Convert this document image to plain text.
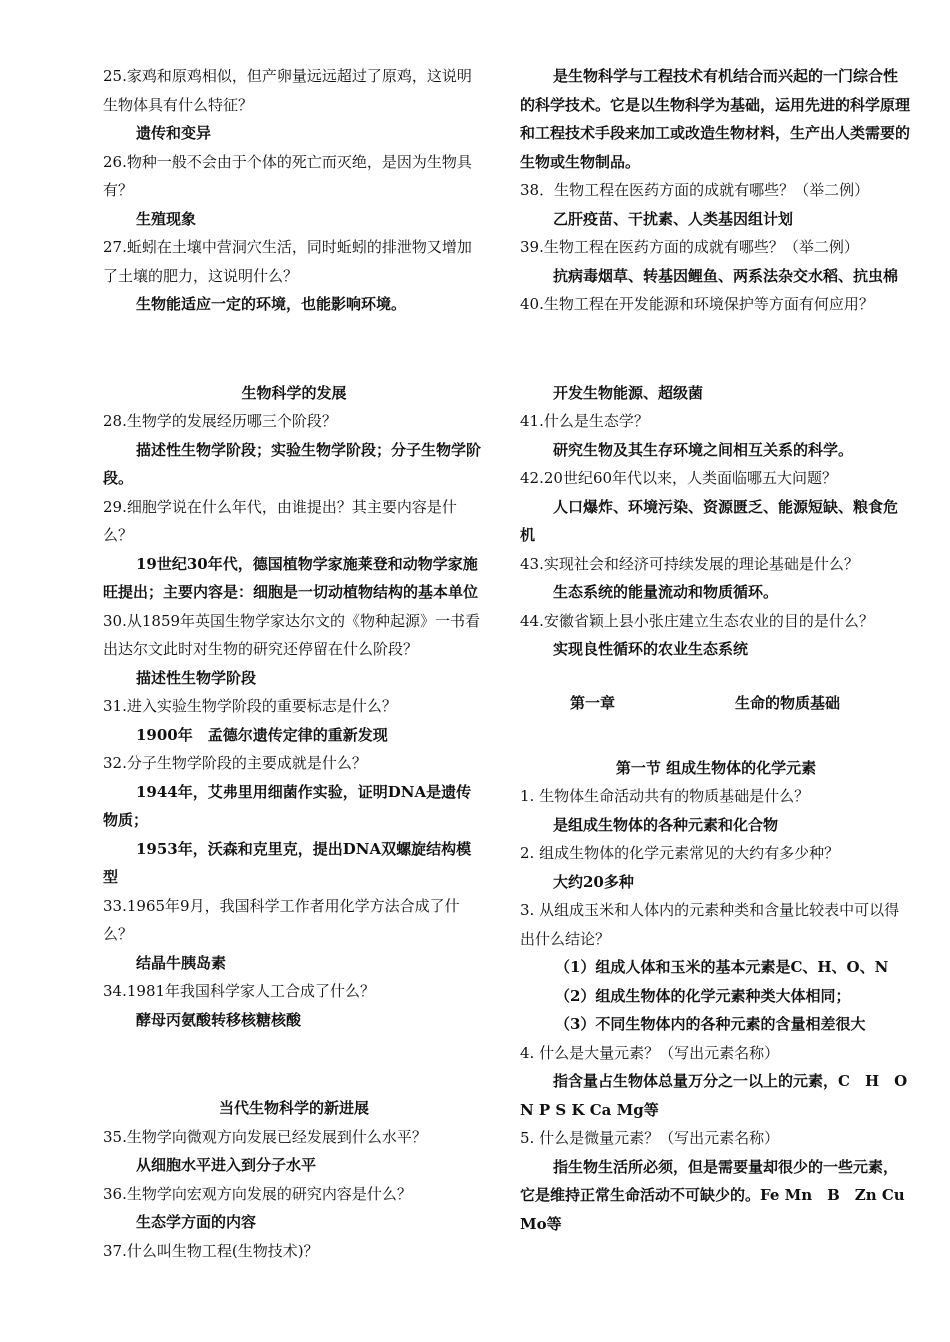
25.家鸡和原鸡相似，但产卵量远远超过了原鸡，这说明生物体具有什么特征？

遗传和变异

26.物种一般不会由于个体的死亡而灭绝，是因为生物具有？

生殖现象

27.蚯蚓在土壤中营洞穴生活，同时蚯蚓的排泄物又增加了土壤的肥力，这说明什么？

生物能适应一定的环境，也能影响环境。

生物科学的发展

28.生物学的发展经历哪三个阶段？

描述性生物学阶段；实验生物学阶段；分子生物学阶段。

29.细胞学说在什么年代，由谁提出？其主要内容是什么？

19世纪30年代，德国植物学家施莱登和动物学家施旺提出；主要内容是：细胞是一切动植物结构的基本单位

30.从1859年英国生物学家达尔文的《物种起源》一书看出达尔文此时对生物的研究还停留在什么阶段？

描述性生物学阶段

31.进入实验生物学阶段的重要标志是什么？

1900年　孟德尔遗传定律的重新发现

32.分子生物学阶段的主要成就是什么？

1944年，艾弗里用细菌作实验，证明DNA是遗传物质；

1953年，沃森和克里克，提出DNA双螺旋结构模型

33.1965年9月，我国科学工作者用化学方法合成了什么？

结晶牛胰岛素

34.1981年我国科学家人工合成了什么？

酵母丙氨酸转移核糖核酸

当代生物科学的新进展

35.生物学向微观方向发展已经发展到什么水平？

从细胞水平进入到分子水平

36.生物学向宏观方向发展的研究内容是什么？

生态学方面的内容

37.什么叫生物工程(生物技术)？

是生物科学与工程技术有机结合而兴起的一门综合性的科学技术。它是以生物科学为基础，运用先进的科学原理和工程技术手段来加工或改造生物材料，生产出人类需要的生物或生物制品。

38．生物工程在医药方面的成就有哪些？（举二例）

乙肝疫苗、干扰素、人类基因组计划

39.生物工程在医药方面的成就有哪些？（举二例）

抗病毒烟草、转基因鲤鱼、两系法杂交水稻、抗虫棉

40.生物工程在开发能源和环境保护等方面有何应用？

开发生物能源、超级菌

41.什么是生态学？

研究生物及其生存环境之间相互关系的科学。

42.20世纪60年代以来，人类面临哪五大问题？

人口爆炸、环境污染、资源匮乏、能源短缺、粮食危机

43.实现社会和经济可持续发展的理论基础是什么？

生态系统的能量流动和物质循环。

44.安徽省颖上县小张庄建立生态农业的目的是什么？

实现良性循环的农业生态系统

第一节 组成生物体的化学元素

1. 生物体生命活动共有的物质基础是什么？

是组成生物体的各种元素和化合物

2. 组成生物体的化学元素常见的大约有多少种？

大约20多种

3. 从组成玉米和人体内的元素种类和含量比较表中可以得出什么结论？

（1）组成人体和玉米的基本元素是C、H、O、N

（2）组成生物体的化学元素种类大体相同；

（3）不同生物体内的各种元素的含量相差很大

4. 什么是大量元素？（写出元素名称）

指含量占生物体总量万分之一以上的元素，C　H　O N P S K Ca Mg等

5. 什么是微量元素？（写出元素名称）

指生物生活所必须，但是需要量却很少的一些元素，它是维持正常生命活动不可缺少的。Fe Mn　B　Zn Cu Mo等

第一章	生命的物质基础
